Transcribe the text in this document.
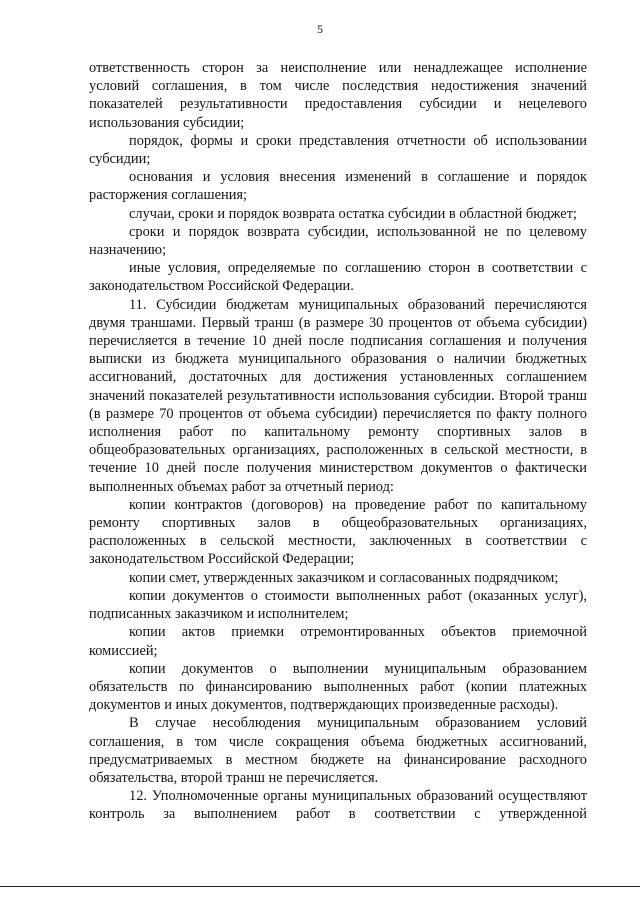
5

ответственность сторон за неисполнение или ненадлежащее исполнение условий соглашения, в том числе последствия недостижения значений показателей результативности предоставления субсидии и нецелевого использования субсидии;

порядок, формы и сроки представления отчетности об использовании субсидии;

основания и условия внесения изменений в соглашение и порядок расторжения соглашения;

случаи, сроки и порядок возврата остатка субсидии в областной бюджет;

сроки и порядок возврата субсидии, использованной не по целевому назначению;

иные условия, определяемые по соглашению сторон в соответствии с законодательством Российской Федерации.

11. Субсидии бюджетам муниципальных образований перечисляются двумя траншами. Первый транш (в размере 30 процентов от объема субсидии) перечисляется в течение 10 дней после подписания соглашения и получения выписки из бюджета муниципального образования о наличии бюджетных ассигнований, достаточных для достижения установленных соглашением значений показателей результативности использования субсидии. Второй транш (в размере 70 процентов от объема субсидии) перечисляется по факту полного исполнения работ по капитальному ремонту спортивных залов в общеобразовательных организациях, расположенных в сельской местности, в течение 10 дней после получения министерством документов о фактически выполненных объемах работ за отчетный период:

копии контрактов (договоров) на проведение работ по капитальному ремонту спортивных залов в общеобразовательных организациях, расположенных в сельской местности, заключенных в соответствии с законодательством Российской Федерации;

копии смет, утвержденных заказчиком и согласованных подрядчиком;

копии документов о стоимости выполненных работ (оказанных услуг), подписанных заказчиком и исполнителем;

копии актов приемки отремонтированных объектов приемочной комиссией;

копии документов о выполнении муниципальным образованием обязательств по финансированию выполненных работ (копии платежных документов и иных документов, подтверждающих произведенные расходы).

В случае несоблюдения муниципальным образованием условий соглашения, в том числе сокращения объема бюджетных ассигнований, предусматриваемых в местном бюджете на финансирование расходного обязательства, второй транш не перечисляется.

12. Уполномоченные органы муниципальных образований осуществляют контроль за выполнением работ в соответствии с утвержденной
